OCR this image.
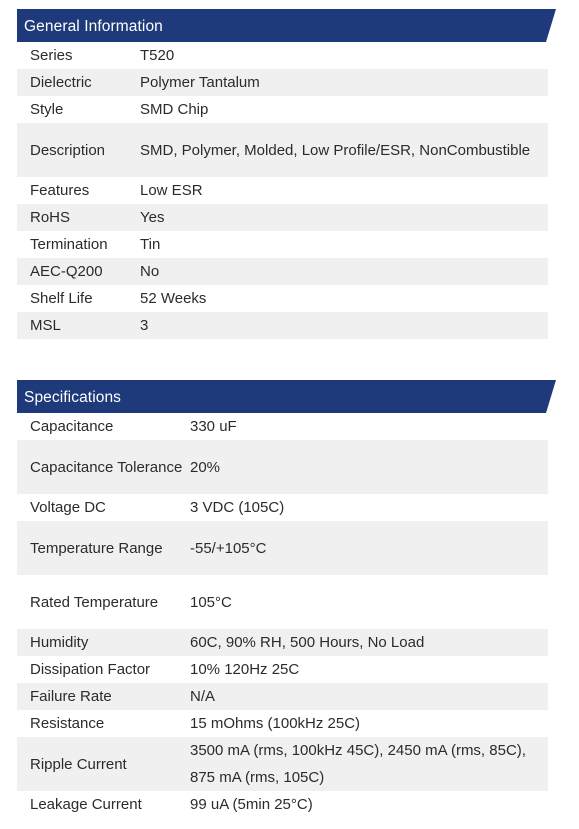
General Information
Series	T520
Dielectric	Polymer Tantalum
Style	SMD Chip
Description	SMD, Polymer, Molded, Low Profile/ESR, NonCombustible
Features	Low ESR
RoHS	Yes
Termination	Tin
AEC-Q200	No
Shelf Life	52 Weeks
MSL	3
Specifications
Capacitance	330 uF
Capacitance Tolerance	20%
Voltage DC	3 VDC (105C)
Temperature Range	-55/+105°C
Rated Temperature	105°C
Humidity	60C, 90% RH, 500 Hours, No Load
Dissipation Factor	10% 120Hz 25C
Failure Rate	N/A
Resistance	15 mOhms (100kHz 25C)
Ripple Current	3500 mA (rms, 100kHz 45C), 2450 mA (rms, 85C), 875 mA (rms, 105C)
Leakage Current	99 uA (5min 25°C)
